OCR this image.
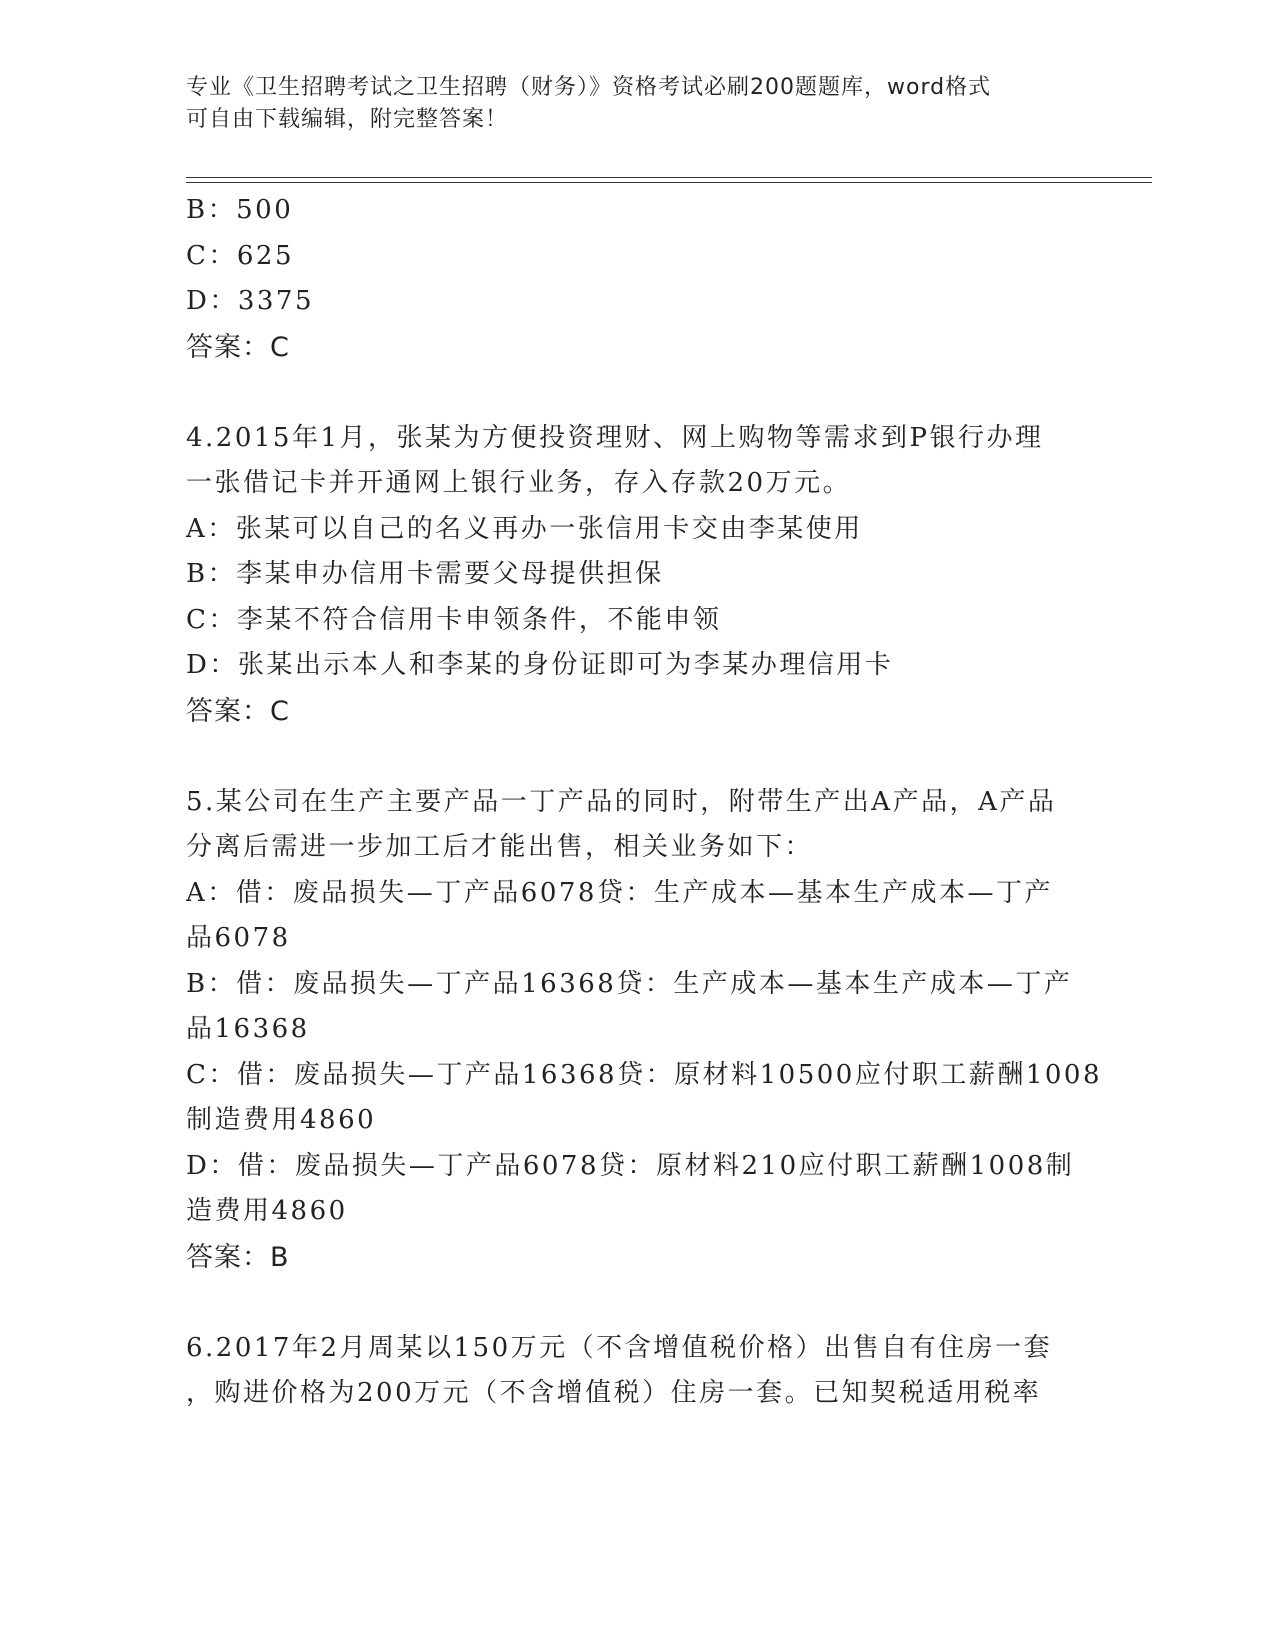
专业《卫生招聘考试之卫生招聘（财务）》资格考试必刷200题题库，word格式
可自由下载编辑，附完整答案！
B：500
C：625
D：3375
答案：C
4.2015年1月，张某为方便投资理财、网上购物等需求到P银行办理
一张借记卡并开通网上银行业务，存入存款20万元。
A：张某可以自己的名义再办一张信用卡交由李某使用
B：李某申办信用卡需要父母提供担保
C：李某不符合信用卡申领条件，不能申领
D：张某出示本人和李某的身份证即可为李某办理信用卡
答案：C
5.某公司在生产主要产品一丁产品的同时，附带生产出A产品，A产品
分离后需进一步加工后才能出售，相关业务如下：
A：借：废品损失—丁产品6078贷：生产成本—基本生产成本—丁产
品6078
B：借：废品损失—丁产品16368贷：生产成本—基本生产成本—丁产
品16368
C：借：废品损失—丁产品16368贷：原材料10500应付职工薪酬1008
制造费用4860
D：借：废品损失—丁产品6078贷：原材料210应付职工薪酬1008制
造费用4860
答案：B
6.2017年2月周某以150万元（不含增值税价格）出售自有住房一套
，购进价格为200万元（不含增值税）住房一套。已知契税适用税率
